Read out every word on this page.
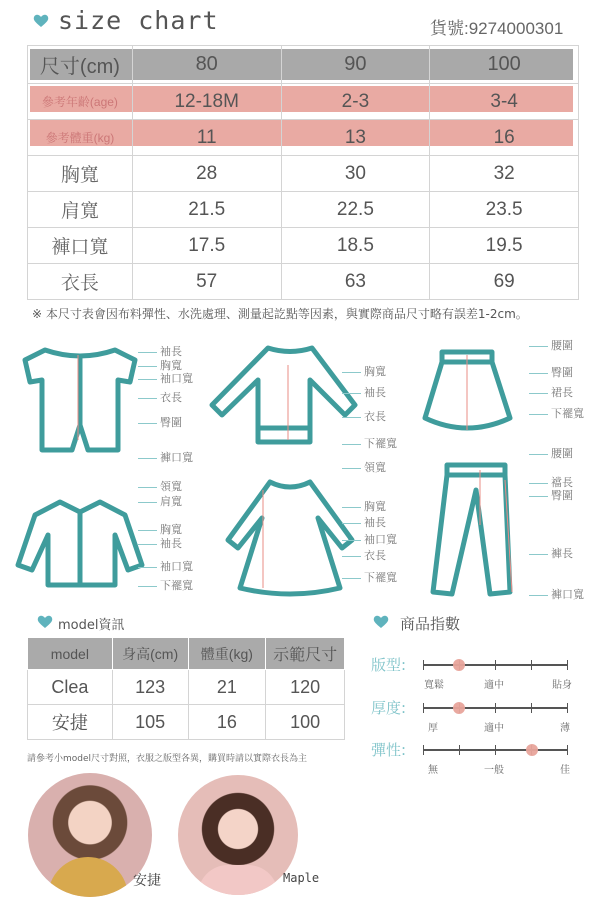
size chart	貨號:9274000301
尺寸(cm)	80	90	100
參考年齡(age)	12-18M	2-3	3-4
參考體重(kg)	11	13	16
胸寬	28	30	32
肩寬	21.5	22.5	23.5
褲口寬	17.5	18.5	19.5
衣長	57	63	69
※ 本尺寸表會因布料彈性、水洗處理、測量起訖點等因素，與實際商品尺寸略有誤差1-2cm。
袖長
胸寬
袖口寬
衣長
臀圍
褲口寬
領寬
肩寬
胸寬
袖長
袖口寬
下襬寬
胸寬
袖長
衣長
下襬寬
領寬
胸寬
袖長
袖口寬
衣長
下襬寬
腰圍
臀圍
裙長
下襬寬
腰圍
襠長
臀圍
褲長
褲口寬
model資訊
model	身高(cm)	體重(kg)	示範尺寸
Clea	123	21	120
安捷	105	16	100
請參考小model尺寸對照，衣服之版型各異，購買時請以實際衣長為主
安捷	Maple
商品指數
版型:
寬鬆	適中	貼身
厚度:
厚	適中	薄
彈性:
無	一般	佳
